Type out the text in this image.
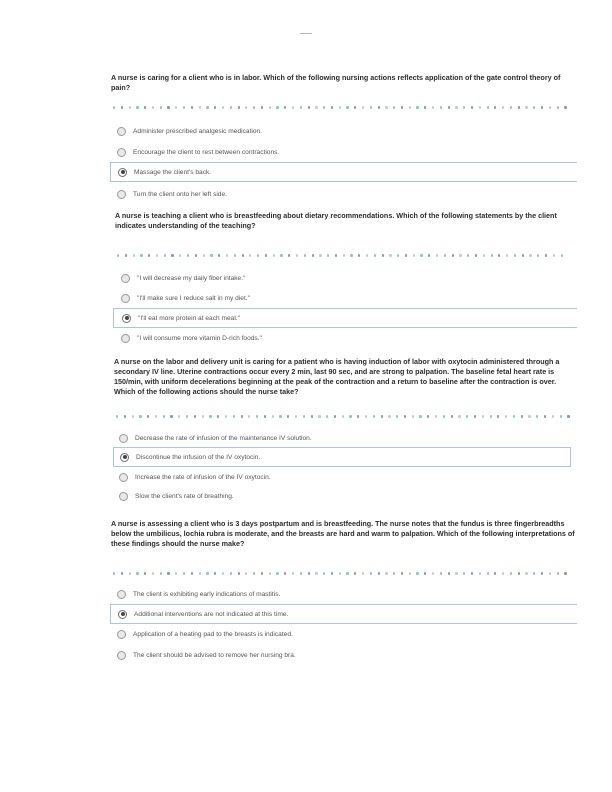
A nurse is caring for a client who is in labor. Which of the following nursing actions reflects application of the gate control theory of pain?
Administer prescribed analgesic medication.
Encourage the client to rest between contractions.
Massage the client's back.
Turn the client onto her left side.
A nurse is teaching a client who is breastfeeding about dietary recommendations. Which of the following statements by the client indicates understanding of the teaching?
"I will decrease my daily fiber intake."
"I'll make sure I reduce salt in my diet."
"I'll eat more protein at each meal."
"I will consume more vitamin D-rich foods."
A nurse on the labor and delivery unit is caring for a patient who is having induction of labor with oxytocin administered through a secondary IV line. Uterine contractions occur every 2 min, last 90 sec, and are strong to palpation. The baseline fetal heart rate is 150/min, with uniform decelerations beginning at the peak of the contraction and a return to baseline after the contraction is over. Which of the following actions should the nurse take?
Decrease the rate of infusion of the maintenance IV solution.
Discontinue the infusion of the IV oxytocin.
Increase the rate of infusion of the IV oxytocin.
Slow the client's rate of breathing.
A nurse is assessing a client who is 3 days postpartum and is breastfeeding. The nurse notes that the fundus is three fingerbreadths below the umbilicus, lochia rubra is moderate, and the breasts are hard and warm to palpation. Which of the following interpretations of these findings should the nurse make?
The client is exhibiting early indications of mastitis.
Additional interventions are not indicated at this time.
Application of a heating pad to the breasts is indicated.
The client should be advised to remove her nursing bra.
